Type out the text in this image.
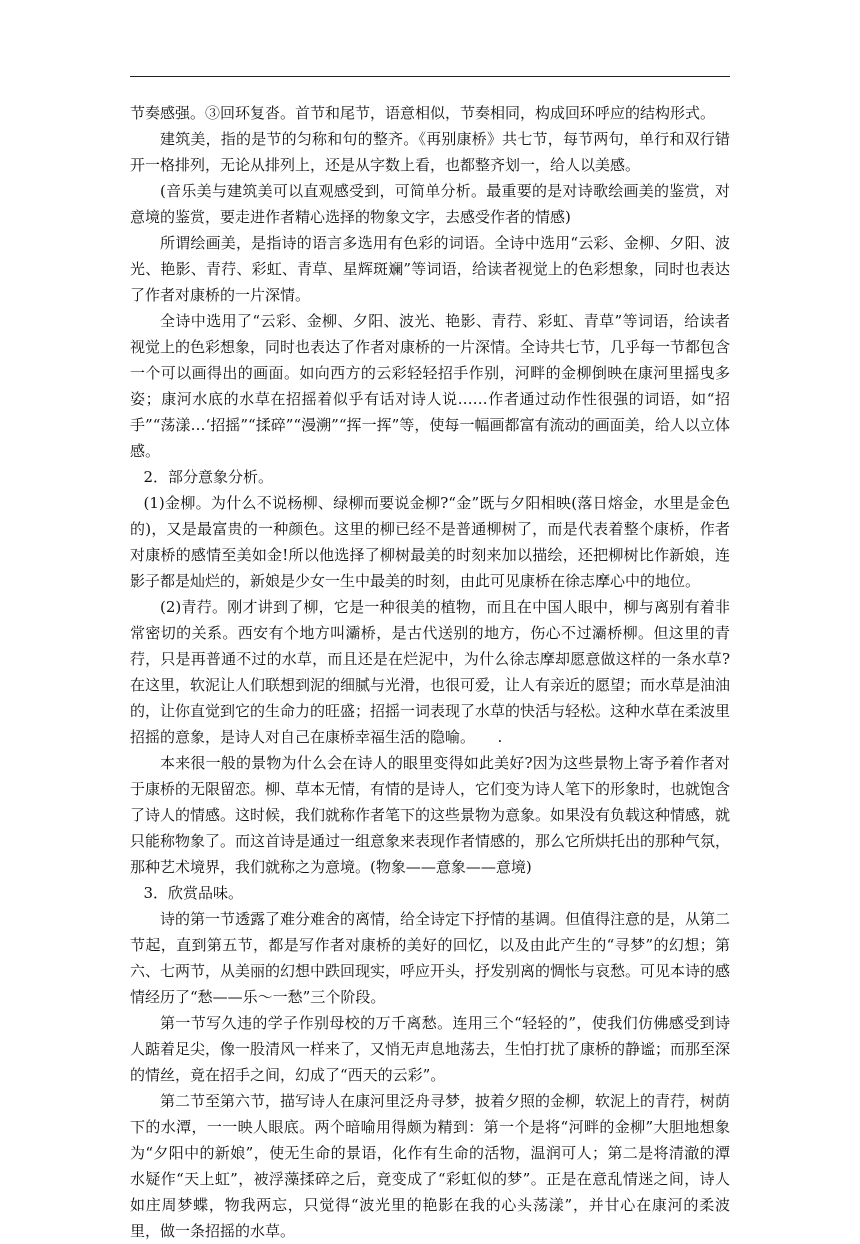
节奏感强。③回环复沓。首节和尾节，语意相似，节奏相同，构成回环呼应的结构形式。

建筑美，指的是节的匀称和句的整齐。《再别康桥》共七节，每节两句，单行和双行错开一格排列，无论从排列上，还是从字数上看，也都整齐划一，给人以美感。

(音乐美与建筑美可以直观感受到，可简单分析。最重要的是对诗歌绘画美的鉴赏，对意境的鉴赏，要走进作者精心选择的物象文字，去感受作者的情感)

所谓绘画美，是指诗的语言多选用有色彩的词语。全诗中选用“云彩、金柳、夕阳、波光、艳影、青荇、彩虹、青草、星辉斑斓”等词语，给读者视觉上的色彩想象，同时也表达了作者对康桥的一片深情。

全诗中选用了“云彩、金柳、夕阳、波光、艳影、青荇、彩虹、青草”等词语，给读者视觉上的色彩想象，同时也表达了作者对康桥的一片深情。全诗共七节，几乎每一节都包含一个可以画得出的画面。如向西方的云彩轻轻招手作别，河畔的金柳倒映在康河里摇曳多姿；康河水底的水草在招摇着似乎有话对诗人说……作者通过动作性很强的词语，如“招手”“荡漾…‘招摇”“揉碎”“漫溯”“挥一挥”等，使每一幅画都富有流动的画面美，给人以立体感。

2．部分意象分析。

(1)金柳。为什么不说杨柳、绿柳而要说金柳?“金”既与夕阳相映(落日熔金，水里是金色的)，又是最富贵的一种颜色。这里的柳已经不是普通柳树了，而是代表着整个康桥，作者对康桥的感情至美如金!所以他选择了柳树最美的时刻来加以描绘，还把柳树比作新娘，连影子都是灿烂的，新娘是少女一生中最美的时刻，由此可见康桥在徐志摩心中的地位。

(2)青荇。刚才讲到了柳，它是一种很美的植物，而且在中国人眼中，柳与离别有着非常密切的关系。西安有个地方叫灞桥，是古代送别的地方，伤心不过灞桥柳。但这里的青荇，只是再普通不过的水草，而且还是在烂泥中，为什么徐志摩却愿意做这样的一条水草?在这里，软泥让人们联想到泥的细腻与光滑，也很可爱，让人有亲近的愿望；而水草是油油的，让你直觉到它的生命力的旺盛；招摇一词表现了水草的快活与轻松。这种水草在柔波里招摇的意象，是诗人对自己在康桥幸福生活的隐喻。　　.

本来很一般的景物为什么会在诗人的眼里变得如此美好?因为这些景物上寄予着作者对于康桥的无限留恋。柳、草本无情，有情的是诗人，它们变为诗人笔下的形象时，也就饱含了诗人的情感。这时候，我们就称作者笔下的这些景物为意象。如果没有负载这种情感，就只能称物象了。而这首诗是通过一组意象来表现作者情感的，那么它所烘托出的那种气氛，那种艺术境界，我们就称之为意境。(物象——意象——意境)

3．欣赏品味。

诗的第一节透露了难分难舍的离情，给全诗定下抒情的基调。但值得注意的是，从第二节起，直到第五节，都是写作者对康桥的美好的回忆，以及由此产生的“寻梦”的幻想；第六、七两节，从美丽的幻想中跌回现实，呼应开头，抒发别离的惆怅与哀愁。可见本诗的感情经历了“愁——乐～一愁”三个阶段。

第一节写久违的学子作别母校的万千离愁。连用三个“轻轻的”，使我们仿佛感受到诗人踮着足尖，像一股清风一样来了，又悄无声息地荡去，生怕打扰了康桥的静谧；而那至深的情丝，竟在招手之间，幻成了“西天的云彩”。

第二节至第六节，描写诗人在康河里泛舟寻梦，披着夕照的金柳，软泥上的青荇，树荫下的水潭，一一映人眼底。两个暗喻用得颇为精到：第一个是将“河畔的金柳”大胆地想象为“夕阳中的新娘”，使无生命的景语，化作有生命的活物，温润可人；第二是将清澈的潭水疑作“天上虹”，被浮藻揉碎之后，竟变成了“彩虹似的梦”。正是在意乱情迷之间，诗人如庄周梦蝶，物我两忘，只觉得“波光里的艳影在我的心头荡漾”，并甘心在康河的柔波里，做一条招摇的水草。
